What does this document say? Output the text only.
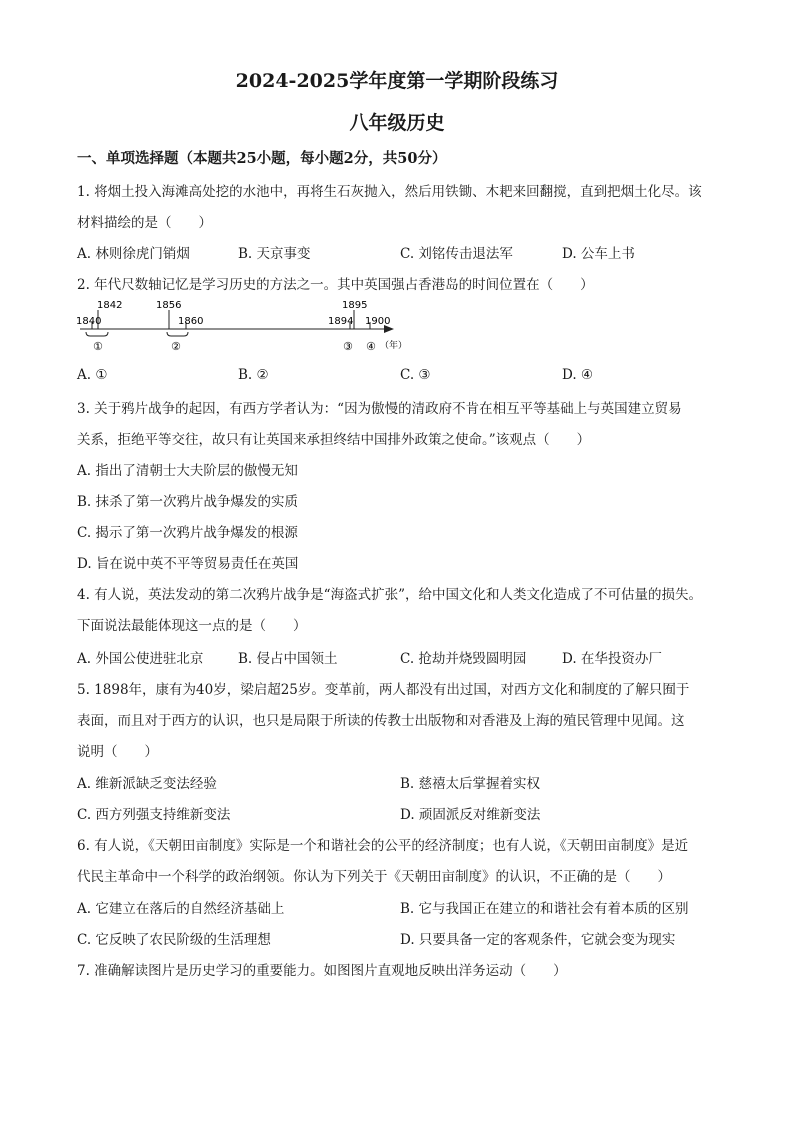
2024-2025学年度第一学期阶段练习
八年级历史
一、单项选择题（本题共25小题，每小题2分，共50分）
1. 将烟土投入海滩高处挖的水池中，再将生石灰抛入，然后用铁锄、木耙来回翻搅，直到把烟土化尽。该
材料描绘的是（　　）
A. 林则徐虎门销烟	B. 天京事变	C. 刘铭传击退法军	D. 公车上书
2. 年代尺数轴记忆是学习历史的方法之一。其中英国强占香港岛的时间位置在（　　）
1840
1842	1856
1860	1894
1895
1900
①	②	③ ④ （年）
A. ①	B. ②	C. ③	D. ④
3. 关于鸦片战争的起因，有西方学者认为：“因为傲慢的清政府不肯在相互平等基础上与英国建立贸易
关系，拒绝平等交往，故只有让英国来承担终结中国排外政策之使命。”该观点（　　）
A. 指出了清朝士大夫阶层的傲慢无知
B. 抹杀了第一次鸦片战争爆发的实质
C. 揭示了第一次鸦片战争爆发的根源
D. 旨在说中英不平等贸易责任在英国
4. 有人说，英法发动的第二次鸦片战争是“海盗式扩张”，给中国文化和人类文化造成了不可估量的损失。
下面说法最能体现这一点的是（　　）
A. 外国公使进驻北京	B. 侵占中国领土	C. 抢劫并烧毁圆明园	D. 在华投资办厂
5. 1898年，康有为40岁，梁启超25岁。变革前，两人都没有出过国，对西方文化和制度的了解只囿于
表面，而且对于西方的认识，也只是局限于所读的传教士出版物和对香港及上海的殖民管理中见闻。这
说明（　　）
A. 维新派缺乏变法经验	B. 慈禧太后掌握着实权
C. 西方列强支持维新变法	D. 顽固派反对维新变法
6. 有人说，《天朝田亩制度》实际是一个和谐社会的公平的经济制度；也有人说，《天朝田亩制度》是近
代民主革命中一个科学的政治纲领。你认为下列关于《天朝田亩制度》的认识，不正确的是（　　）
A. 它建立在落后的自然经济基础上	B. 它与我国正在建立的和谐社会有着本质的区别
C. 它反映了农民阶级的生活理想	D. 只要具备一定的客观条件，它就会变为现实
7. 准确解读图片是历史学习的重要能力。如图图片直观地反映出洋务运动（　　）
